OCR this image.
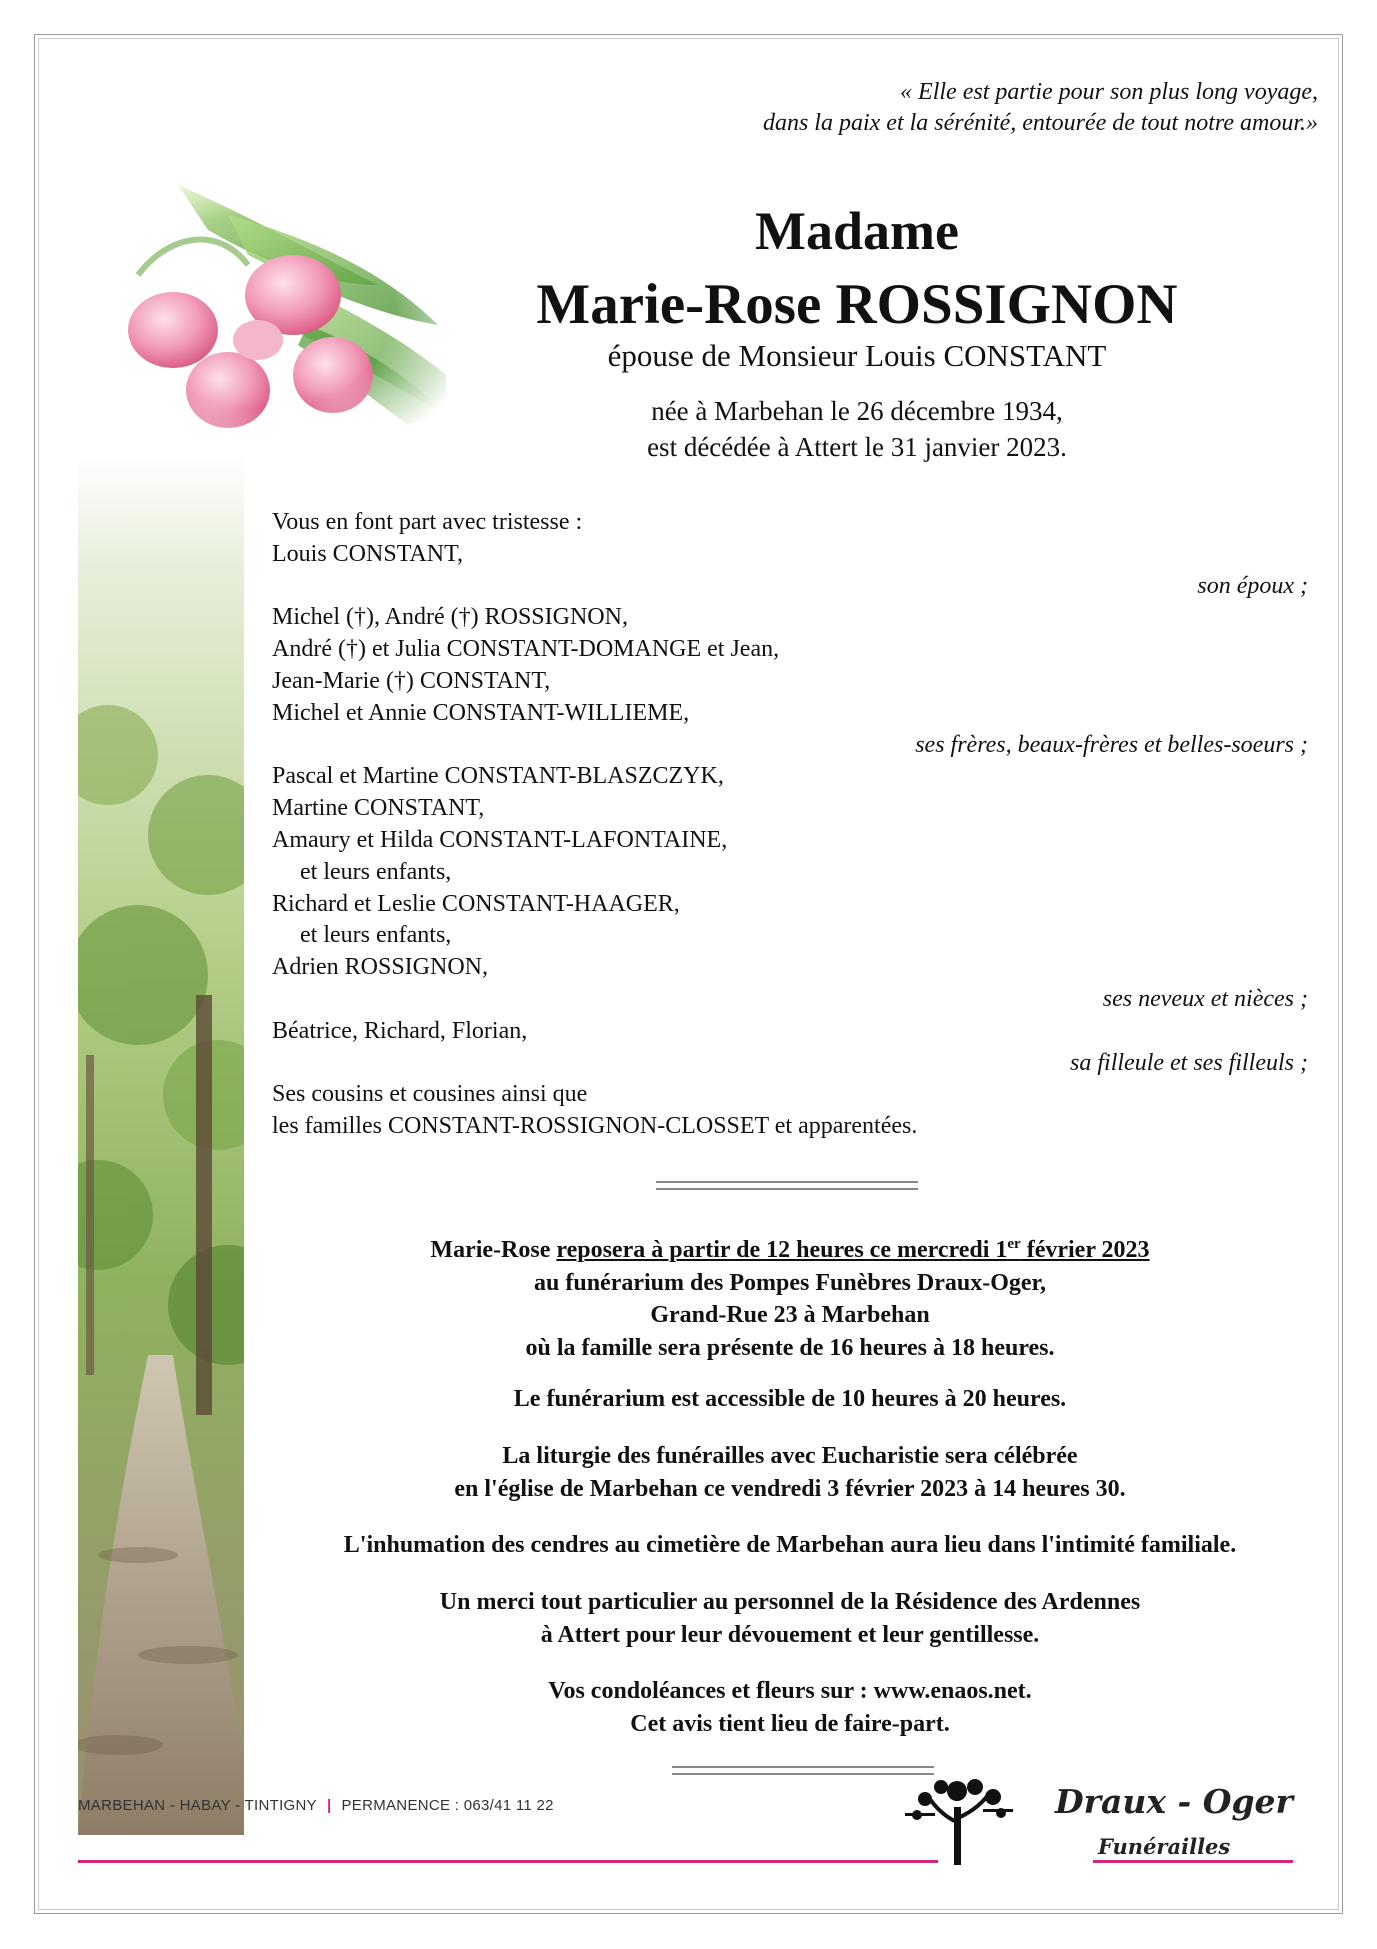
« Elle est partie pour son plus long voyage,
dans la paix et la sérénité, entourée de tout notre amour.»
Madame
Marie-Rose ROSSIGNON
épouse de Monsieur Louis CONSTANT
née à Marbehan le 26 décembre 1934,
est décédée à Attert le 31 janvier 2023.
Vous en font part avec tristesse :
Louis CONSTANT,
son époux ;
Michel (†), André (†) ROSSIGNON,
André (†) et Julia CONSTANT-DOMANGE et Jean,
Jean-Marie (†) CONSTANT,
Michel et Annie CONSTANT-WILLIEME,
ses frères, beaux-frères et belles-soeurs ;
Pascal et Martine CONSTANT-BLASZCZYK,
Martine CONSTANT,
Amaury et Hilda CONSTANT-LAFONTAINE,
et leurs enfants,
Richard et Leslie CONSTANT-HAAGER,
et leurs enfants,
Adrien ROSSIGNON,
ses neveux et nièces ;
Béatrice, Richard, Florian,
sa filleule et ses filleuls ;
Ses cousins et cousines ainsi que
les familles CONSTANT-ROSSIGNON-CLOSSET et apparentées.
Marie-Rose reposera à partir de 12 heures ce mercredi 1er février 2023
au funérarium des Pompes Funèbres Draux-Oger,
Grand-Rue 23 à Marbehan
où la famille sera présente de 16 heures à 18 heures.
Le funérarium est accessible de 10 heures à 20 heures.
La liturgie des funérailles avec Eucharistie sera célébrée
en l'église de Marbehan ce vendredi 3 février 2023 à 14 heures 30.
L'inhumation des cendres au cimetière de Marbehan aura lieu dans l'intimité familiale.
Un merci tout particulier au personnel de la Résidence des Ardennes
à Attert pour leur dévouement et leur gentillesse.
Vos condoléances et fleurs sur : www.enaos.net.
Cet avis tient lieu de faire-part.
MARBEHAN - HABAY - TINTIGNY | PERMANENCE : 063/41 11 22	Draux - Oger
Funérailles
